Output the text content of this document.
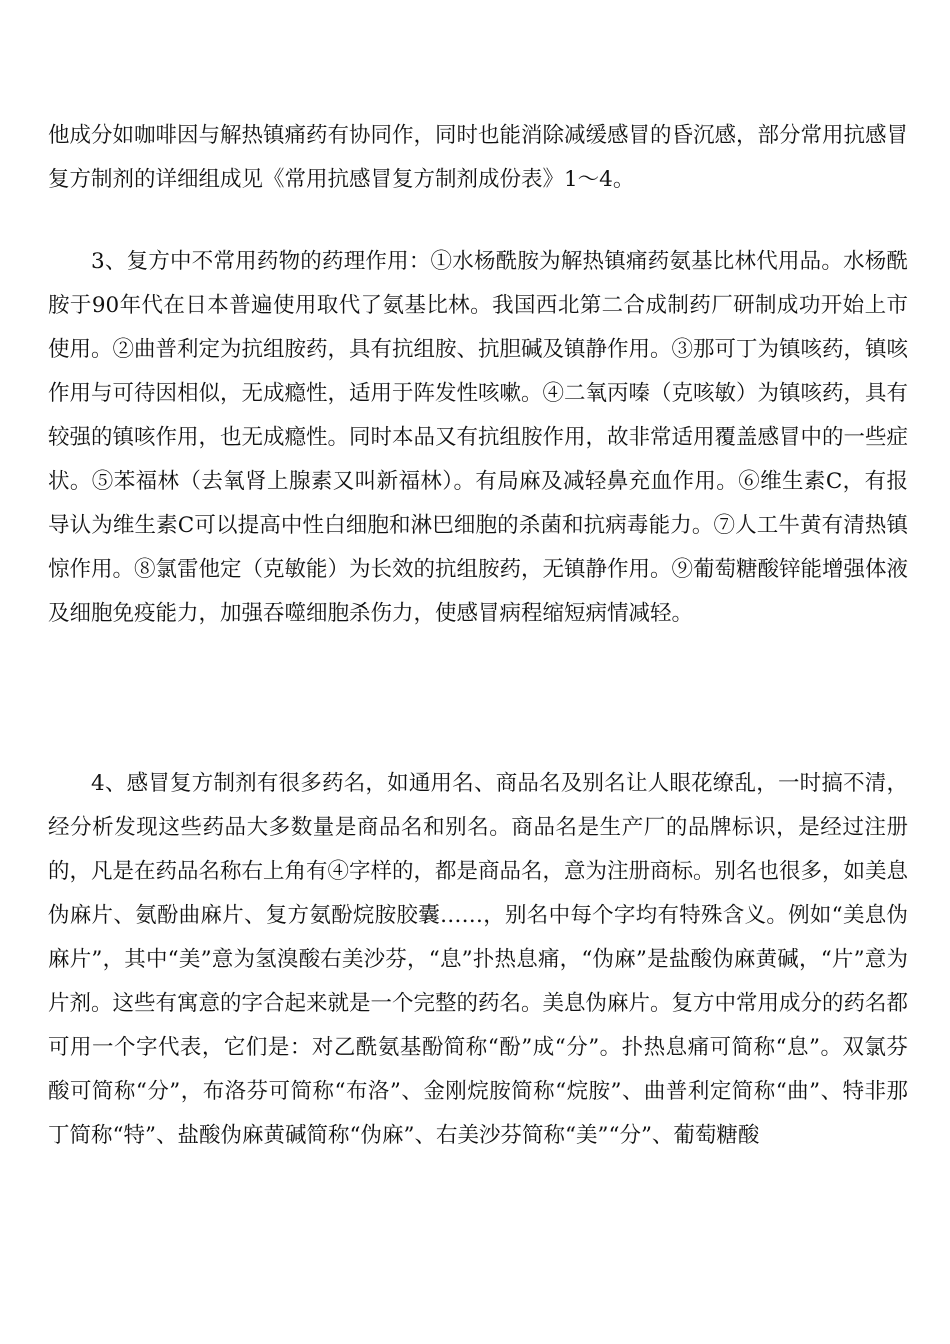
他成分如咖啡因与解热镇痛药有协同作，同时也能消除减缓感冒的昏沉感，部分常用抗感冒复方制剂的详细组成见《常用抗感冒复方制剂成份表》1～4。

3、复方中不常用药物的药理作用：①水杨酰胺为解热镇痛药氨基比林代用品。水杨酰胺于90年代在日本普遍使用取代了氨基比林。我国西北第二合成制药厂研制成功开始上市使用。②曲普利定为抗组胺药，具有抗组胺、抗胆碱及镇静作用。③那可丁为镇咳药，镇咳作用与可待因相似，无成瘾性，适用于阵发性咳嗽。④二氧丙嗪（克咳敏）为镇咳药，具有较强的镇咳作用，也无成瘾性。同时本品又有抗组胺作用，故非常适用覆盖感冒中的一些症状。⑤苯福林（去氧肾上腺素又叫新福林）。有局麻及减轻鼻充血作用。⑥维生素C，有报导认为维生素C可以提高中性白细胞和淋巴细胞的杀菌和抗病毒能力。⑦人工牛黄有清热镇惊作用。⑧氯雷他定（克敏能）为长效的抗组胺药，无镇静作用。⑨葡萄糖酸锌能增强体液及细胞免疫能力，加强吞噬细胞杀伤力，使感冒病程缩短病情减轻。

4、感冒复方制剂有很多药名，如通用名、商品名及别名让人眼花缭乱，一时搞不清，经分析发现这些药品大多数量是商品名和别名。商品名是生产厂的品牌标识，是经过注册的，凡是在药品名称右上角有④字样的，都是商品名，意为注册商标。别名也很多，如美息伪麻片、氨酚曲麻片、复方氨酚烷胺胶囊……，别名中每个字均有特殊含义。例如“美息伪麻片”，其中“美”意为氢溴酸右美沙芬，“息”扑热息痛，“伪麻”是盐酸伪麻黄碱，“片”意为片剂。这些有寓意的字合起来就是一个完整的药名。美息伪麻片。复方中常用成分的药名都可用一个字代表，它们是：对乙酰氨基酚简称“酚”成“分”。扑热息痛可简称“息”。双氯芬酸可简称“分”，布洛芬可简称“布洛”、金刚烷胺简称“烷胺”、曲普利定简称“曲”、特非那丁简称“特”、盐酸伪麻黄碱简称“伪麻”、右美沙芬简称“美”“分”、葡萄糖酸
